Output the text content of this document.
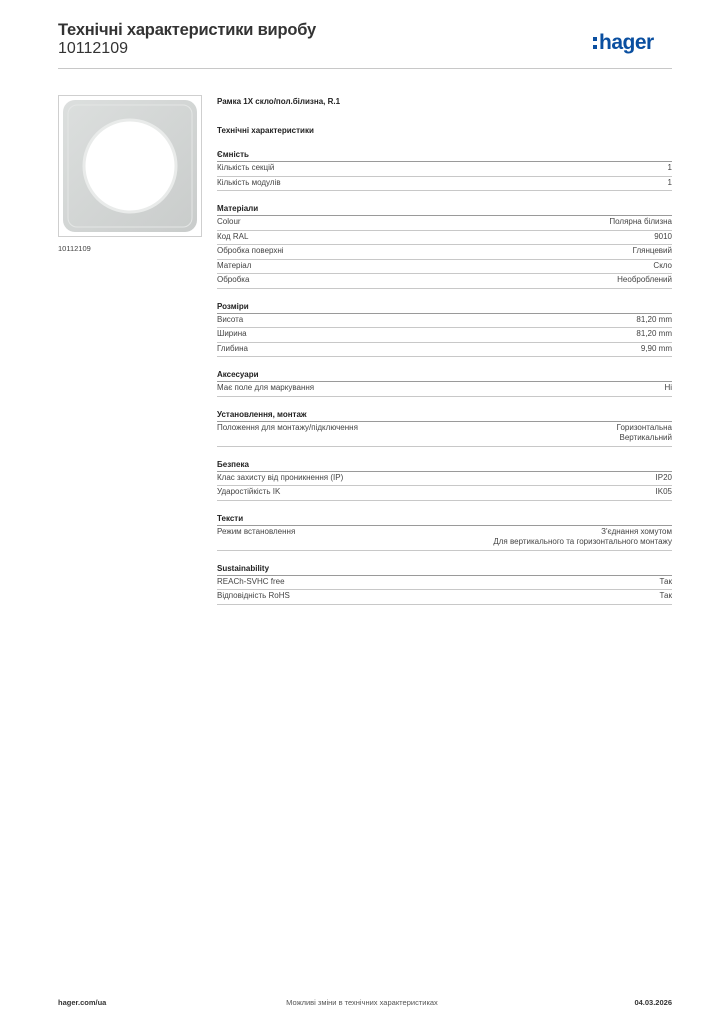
Технічні характеристики виробу
10112109	hager
10112109
Рамка 1X скло/пол.білизна, R.1
Технічні характеристики
Ємність
Кількість секцій	1
Кількість модулів	1
Матеріали
Colour	Полярна білизна
Код RAL	9010
Обробка поверхні	Глянцевий
Матеріал	Скло
Обробка	Необроблений
Розміри
Висота	81,20 mm
Ширина	81,20 mm
Глибина	9,90 mm
Аксесуари
Має поле для маркування	Ні
Установлення, монтаж
Положення для монтажу/підключення	Горизонтальна
Вертикальний
Безпека
Клас захисту від проникнення (IP)	IP20
Ударостійкість IK	IK05
Тексти
Режим встановлення	З'єднання хомутом
Для вертикального та горизонтального монтажу
Sustainability
REACh-SVHC free	Так
Відповідність RoHS	Так
hager.com/ua	Можливі зміни в технічних характеристиках	04.03.2026
